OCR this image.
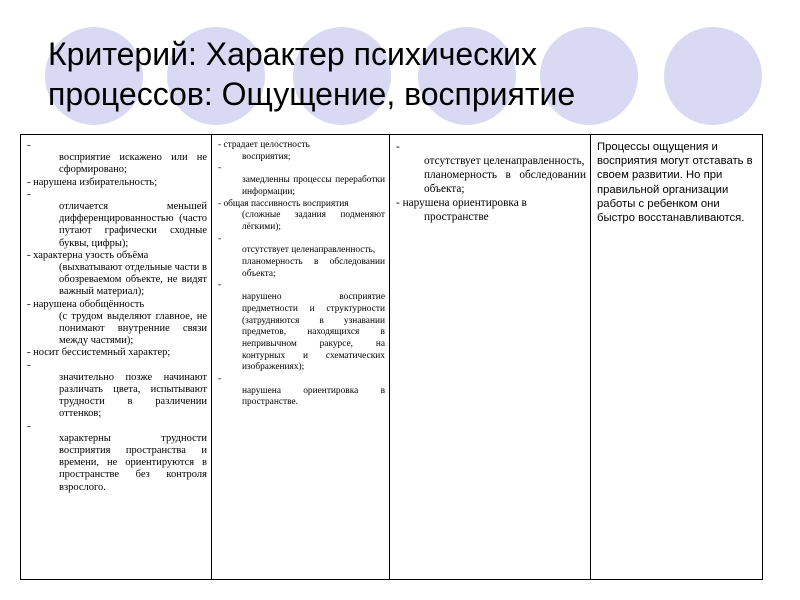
Критерий: Характер психических
процессов: Ощущение, восприятие
-
восприятие искажено или не сформировано;
- нарушена избирательность;
-
отличается меньшей дифференцированностью (часто путают графически сходные буквы, цифры);
- характерна узость объёма
(выхватывают отдельные части в обозреваемом объекте, не видят важный материал);
- нарушена обобщённость
(с трудом выделяют главное, не понимают внутренние связи между частями);
- носит бессистемный характер;
-
значительно позже начинают различать цвета, испытывают трудности в различении оттенков;
-
характерны трудности восприятия пространства и времени, не ориентируются в пространстве без контроля взрослого.

- страдает целостность
восприятия;
-
замедленны процессы переработки информации;
- общая пассивность восприятия
(сложные задания подменяют лёгкими);
-
отсутствует целенаправленность,
планомерность в обследовании объекта;
-
нарушено восприятие предметности и структурности (затрудняются в узнавании предметов, находящихся в непривычном ракурсе, на контурных и схематических изображениях);
-
нарушена ориентировка в пространстве.

-
отсутствует целенаправленность,
планомерность в обследовании объекта;
- нарушена ориентировка в
пространстве

Процессы ощущения и восприятия могут отставать в своем развитии. Но при правильной организации работы с ребенком они быстро восстанавливаются.
